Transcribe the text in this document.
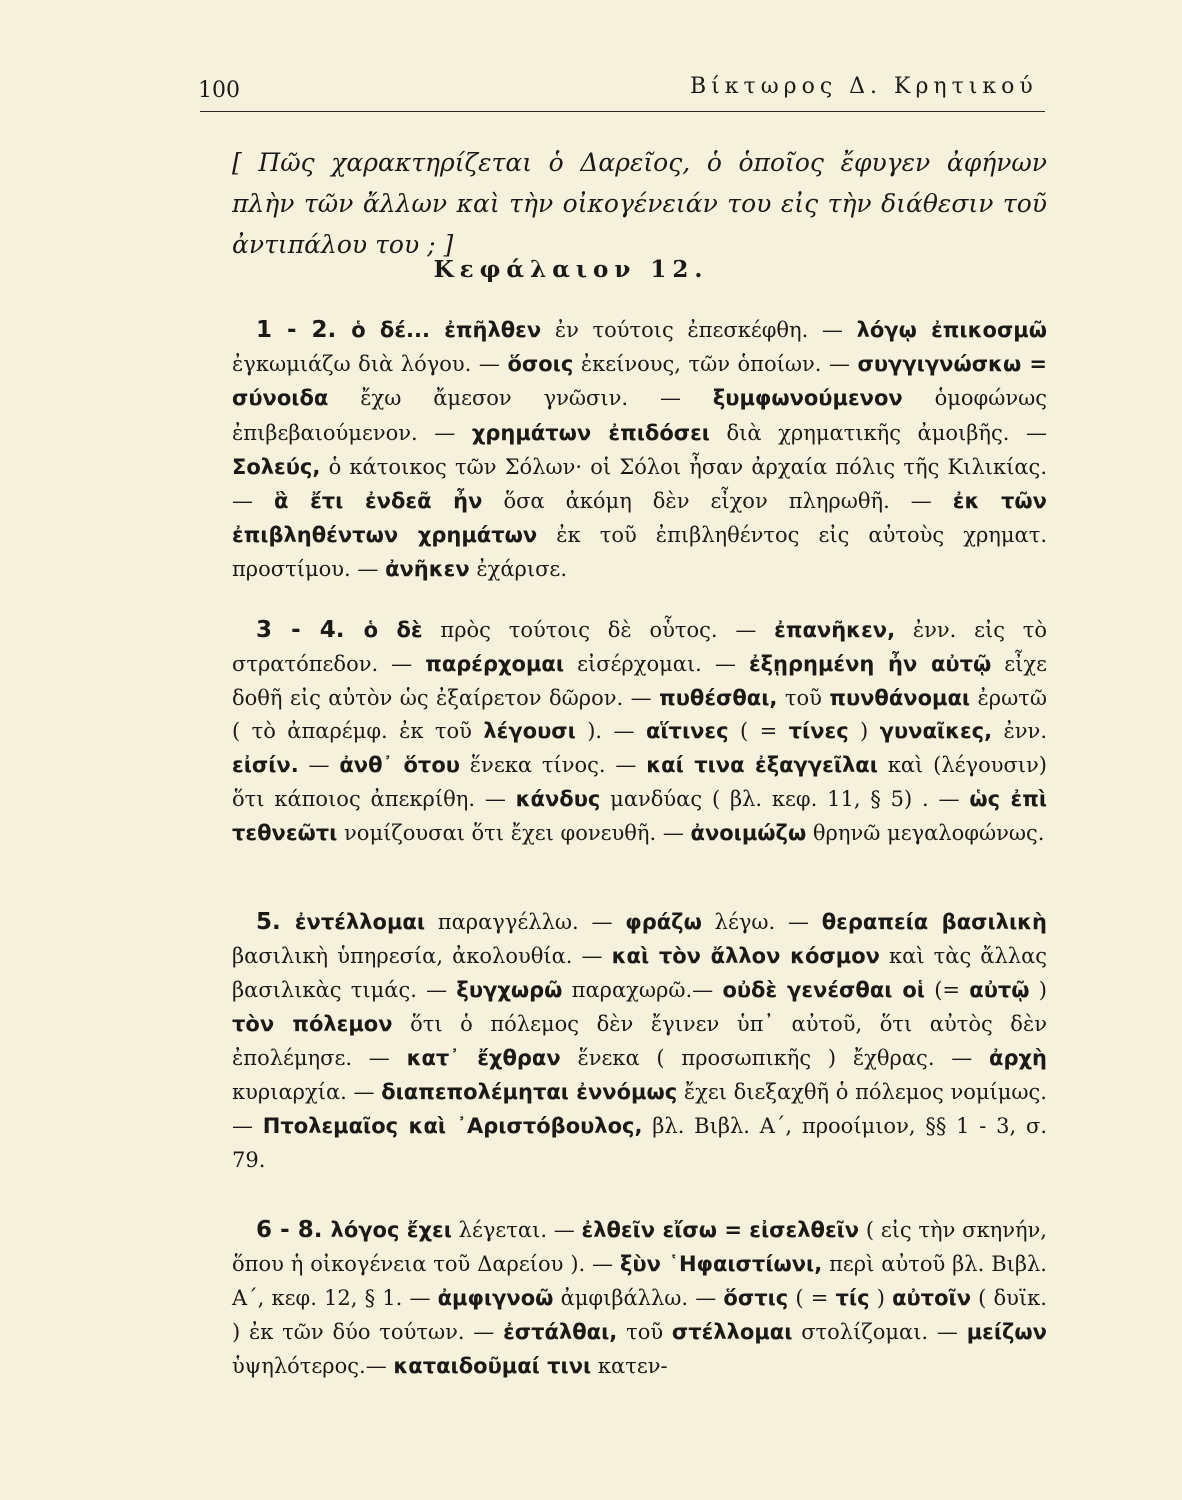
100	Βίκτωρος Δ. Κρητικού

[ Πῶς χαρακτηρίζεται ὁ Δαρεῖος, ὁ ὁποῖος ἔφυγεν ἀφήνων πλὴν τῶν ἄλλων καὶ τὴν οἰκογένειάν του εἰς τὴν διάθεσιν τοῦ ἀντιπάλου του ; ]

Κεφάλαιον 12.

1 - 2. ὁ δέ... ἐπῆλθεν ἐν τούτοις ἐπεσκέφθη. — λόγῳ ἐπικοσμῶ ἐγκωμιάζω διὰ λόγου. — ὅσοις ἐκείνους, τῶν ὁποίων. — συγγιγνώσκω = σύνοιδα ἔχω ἄμεσον γνῶσιν. — ξυμφωνούμενον ὁμοφώνως ἐπιβεβαιούμενον. — χρημάτων ἐπιδόσει διὰ χρηματικῆς ἀμοιβῆς. — Σολεύς, ὁ κάτοικος τῶν Σόλων· οἱ Σόλοι ἦσαν ἀρχαία πόλις τῆς Κιλικίας. — ἃ ἔτι ἐνδεᾶ ἦν ὅσα ἀκόμη δὲν εἶχον πληρωθῆ. — ἐκ τῶν ἐπιβληθέντων χρημάτων ἐκ τοῦ ἐπιβληθέντος εἰς αὐτοὺς χρηματ. προστίμου. — ἀνῆκεν ἐχάρισε.

3 - 4. ὁ δὲ πρὸς τούτοις δὲ οὗτος. — ἐπανῆκεν, ἐνν. εἰς τὸ στρατόπεδον. — παρέρχομαι εἰσέρχομαι. — ἐξῃρημένη ἦν αὐτῷ εἶχε δοθῆ εἰς αὐτὸν ὡς ἐξαίρετον δῶρον. — πυθέσθαι, τοῦ πυνθάνομαι ἐρωτῶ ( τὸ ἀπαρέμφ. ἐκ τοῦ λέγουσι ). — αἵτινες ( = τίνες ) γυναῖκες, ἐνν. εἰσίν. — ἀνθ᾽ ὅτου ἕνεκα τίνος. — καί τινα ἐξαγγεῖλαι καὶ (λέγουσιν) ὅτι κάποιος ἀπεκρίθη. — κάνδυς μανδύας ( βλ. κεφ. 11, § 5) . — ὡς ἐπὶ τεθνεῶτι νομίζουσαι ὅτι ἔχει φονευθῆ. — ἀνοιμώζω θρηνῶ μεγαλοφώνως.

5. ἐντέλλομαι παραγγέλλω. — φράζω λέγω. — θεραπεία βασιλικὴ βασιλικὴ ὑπηρεσία, ἀκολουθία. — καὶ τὸν ἄλλον κόσμον καὶ τὰς ἄλλας βασιλικὰς τιμάς. — ξυγχωρῶ παραχωρῶ.— οὐδὲ γενέσθαι οἱ (= αὐτῷ ) τὸν πόλεμον ὅτι ὁ πόλεμος δὲν ἔγινεν ὑπ᾽ αὐτοῦ, ὅτι αὐτὸς δὲν ἐπολέμησε. — κατ᾽ ἔχθραν ἕνεκα ( προσωπικῆς ) ἔχθρας. — ἀρχὴ κυριαρχία. — διαπεπολέμηται ἐννόμως ἔχει διεξαχθῆ ὁ πόλεμος νομίμως. — Πτολεμαῖος καὶ ᾿Αριστόβουλος, βλ. Βιβλ. Α΄, προοίμιον, §§ 1 - 3, σ. 79.

6 - 8. λόγος ἔχει λέγεται. — ἐλθεῖν εἴσω = εἰσελθεῖν ( εἰς τὴν σκηνήν, ὅπου ἡ οἰκογένεια τοῦ Δαρείου ). — ξὺν ῾Ηφαιστίωνι, περὶ αὐτοῦ βλ. Βιβλ. Α΄, κεφ. 12, § 1. — ἀμφιγνοῶ ἀμφιβάλλω. — ὅστις ( = τίς ) αὐτοῖν ( δυϊκ. ) ἐκ τῶν δύο τούτων. — ἐστάλθαι, τοῦ στέλλομαι στολίζομαι. — μείζων ὑψηλότερος.— καταιδοῦμαί τινι κατεν-
